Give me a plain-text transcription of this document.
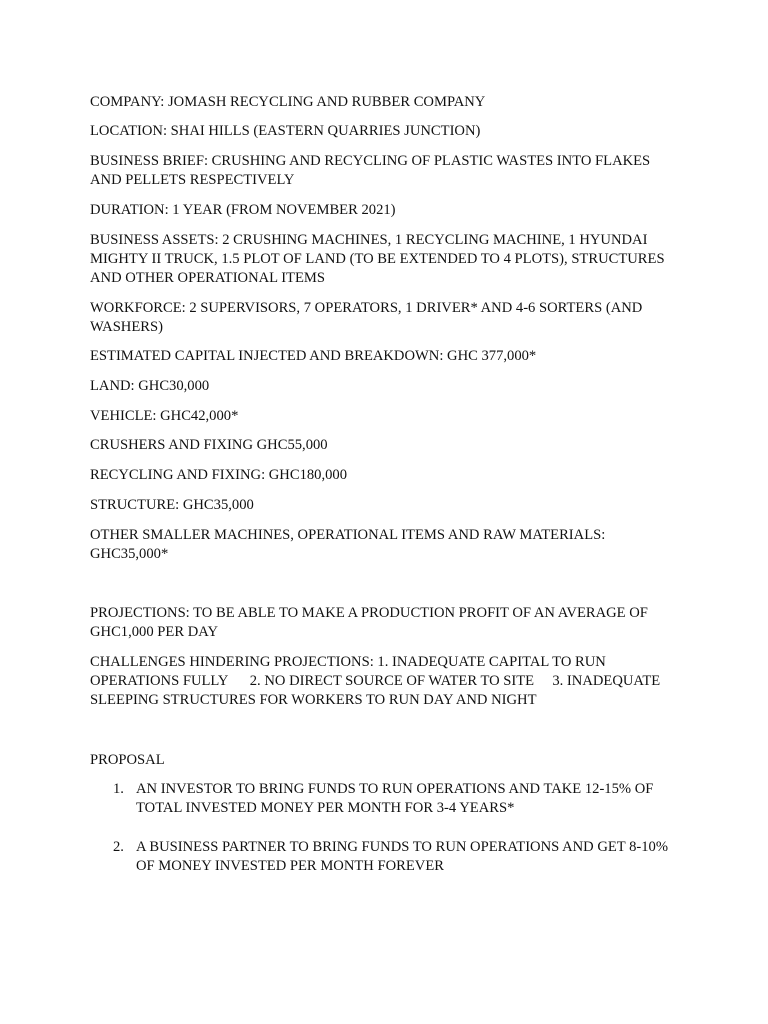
COMPANY: JOMASH RECYCLING AND RUBBER COMPANY

LOCATION: SHAI HILLS (EASTERN QUARRIES JUNCTION)

BUSINESS BRIEF: CRUSHING AND RECYCLING OF PLASTIC WASTES INTO FLAKES AND PELLETS RESPECTIVELY

DURATION: 1 YEAR (FROM NOVEMBER 2021)

BUSINESS ASSETS: 2 CRUSHING MACHINES, 1 RECYCLING MACHINE, 1 HYUNDAI MIGHTY II TRUCK, 1.5 PLOT OF LAND (TO BE EXTENDED TO 4 PLOTS), STRUCTURES AND OTHER OPERATIONAL ITEMS

WORKFORCE: 2 SUPERVISORS, 7 OPERATORS, 1 DRIVER* AND 4-6 SORTERS (AND WASHERS)

ESTIMATED CAPITAL INJECTED AND BREAKDOWN: GHC 377,000*

LAND: GHC30,000

VEHICLE: GHC42,000*

CRUSHERS AND FIXING GHC55,000

RECYCLING AND FIXING: GHC180,000

STRUCTURE: GHC35,000

OTHER SMALLER MACHINES, OPERATIONAL ITEMS AND RAW MATERIALS: GHC35,000*

PROJECTIONS: TO BE ABLE TO MAKE A PRODUCTION PROFIT OF AN AVERAGE OF GHC1,000 PER DAY

CHALLENGES HINDERING PROJECTIONS: 1. INADEQUATE CAPITAL TO RUN OPERATIONS FULLY      2. NO DIRECT SOURCE OF WATER TO SITE     3. INADEQUATE SLEEPING STRUCTURES FOR WORKERS TO RUN DAY AND NIGHT

PROPOSAL

1. AN INVESTOR TO BRING FUNDS TO RUN OPERATIONS AND TAKE 12-15% OF TOTAL INVESTED MONEY PER MONTH FOR 3-4 YEARS*
2. A BUSINESS PARTNER TO BRING FUNDS TO RUN OPERATIONS AND GET 8-10% OF MONEY INVESTED PER MONTH FOREVER
